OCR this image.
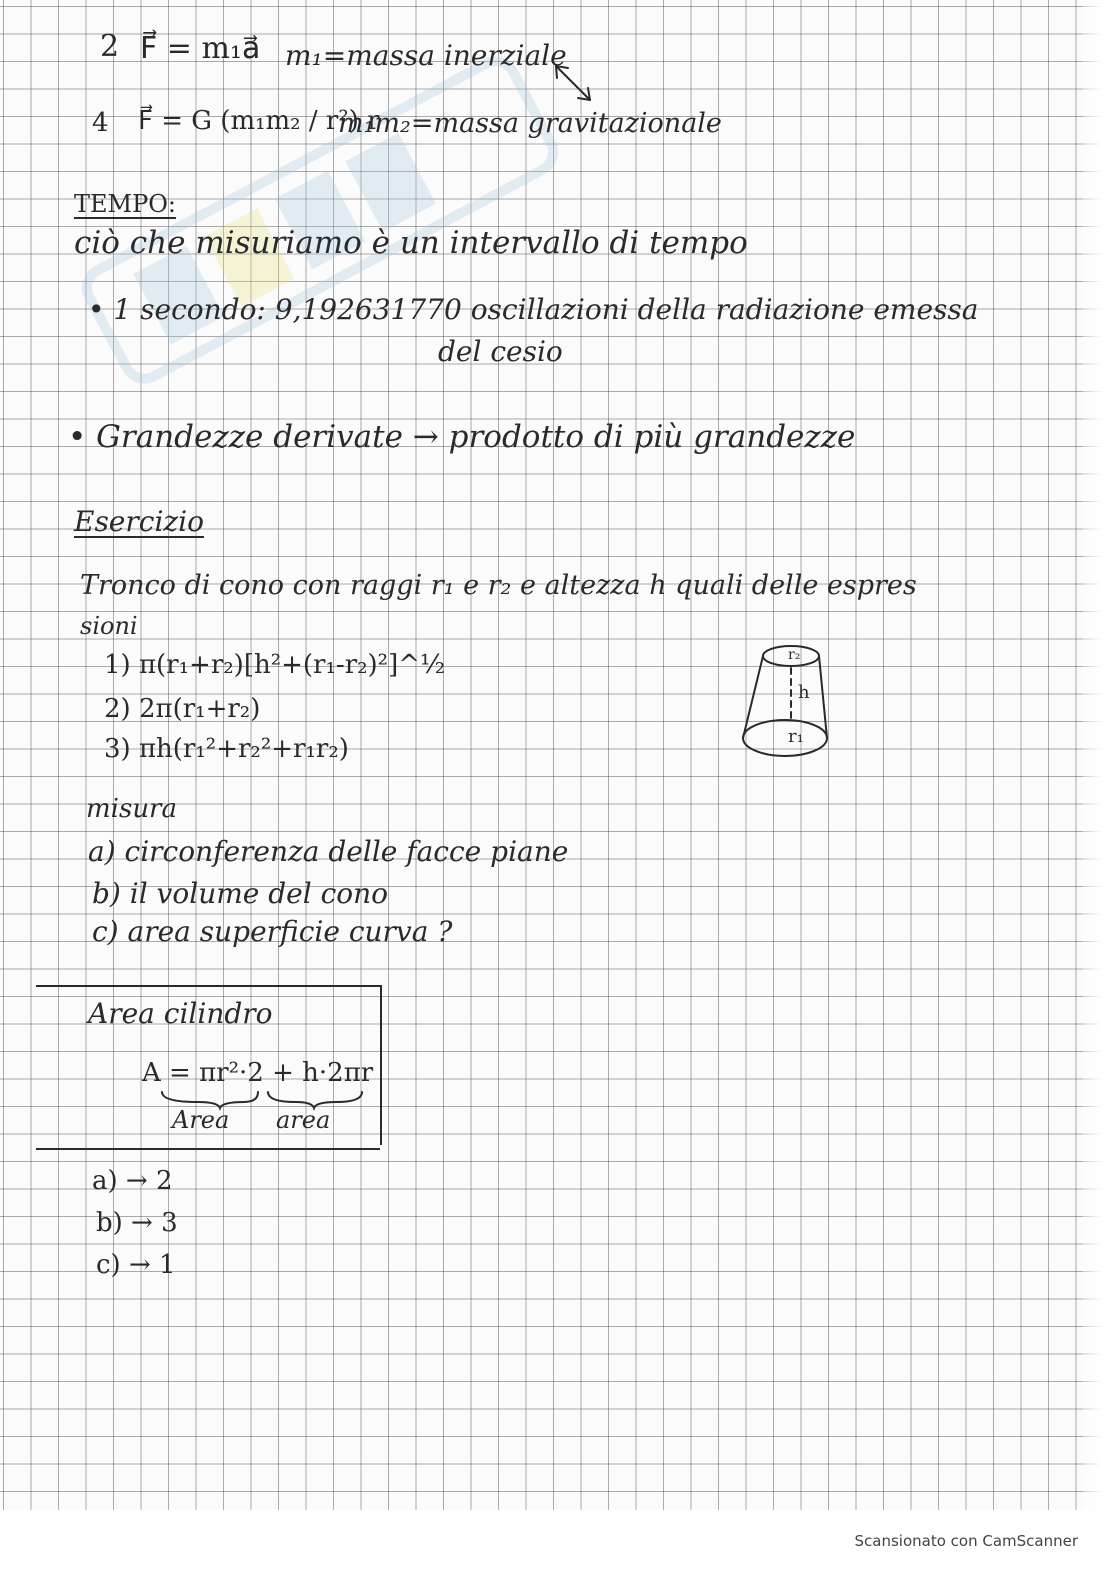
2 F⃗ = m₁a⃗ m₁=massa inerziale
4 F⃗ = G (m₁m₂ / r²) r
m₁m₂=massa gravitazionale
TEMPO:
ciò che misuriamo è un intervallo di tempo
• 1 secondo: 9,192631770 oscillazioni della radiazione emessa
del cesio
• Grandezze derivate → prodotto di più grandezze
Esercizio
Tronco di cono con raggi r₁ e r₂ e altezza h quali delle espres
sioni
1) π(r₁+r₂)[h²+(r₁-r₂)²]^½
2) 2π(r₁+r₂)
3) πh(r₁²+r₂²+r₁r₂)
r₂
h
r₁
misura
a) circonferenza delle facce piane
b) il volume del cono
c) area superficie curva ?
Area cilindro
A = πr²·2 + h·2πr
Area area
a) → 2
b) → 3
c) → 1
Scansionato con CamScanner
